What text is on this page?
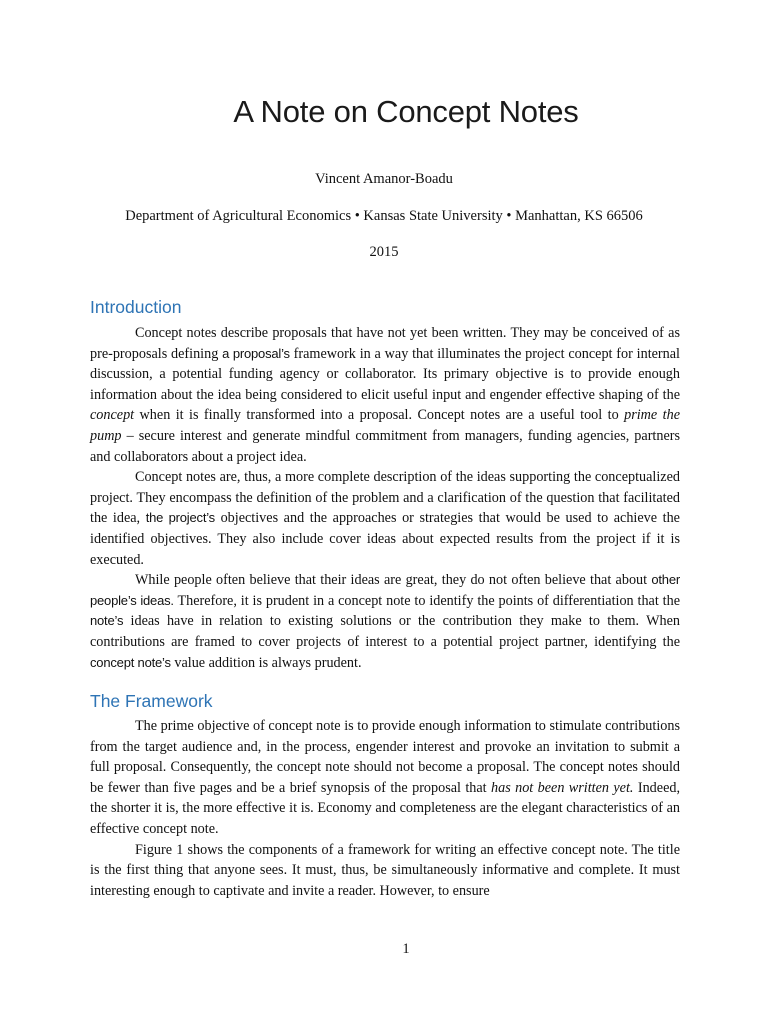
A Note on Concept Notes

Vincent Amanor-Boadu

Department of Agricultural Economics • Kansas State University • Manhattan, KS 66506

2015

Introduction

Concept notes describe proposals that have not yet been written. They may be conceived of as pre-proposals defining a proposal’s framework in a way that illuminates the project concept for internal discussion, a potential funding agency or collaborator. Its primary objective is to provide enough information about the idea being considered to elicit useful input and engender effective shaping of the concept when it is finally transformed into a proposal. Concept notes are a useful tool to prime the pump – secure interest and generate mindful commitment from managers, funding agencies, partners and collaborators about a project idea.

Concept notes are, thus, a more complete description of the ideas supporting the conceptualized project. They encompass the definition of the problem and a clarification of the question that facilitated the idea, the project’s objectives and the approaches or strategies that would be used to achieve the identified objectives. They also include cover ideas about expected results from the project if it is executed.

While people often believe that their ideas are great, they do not often believe that about other people’s ideas. Therefore, it is prudent in a concept note to identify the points of differentiation that the note’s ideas have in relation to existing solutions or the contribution they make to them. When contributions are framed to cover projects of interest to a potential project partner, identifying the concept note’s value addition is always prudent.

The Framework

The prime objective of concept note is to provide enough information to stimulate contributions from the target audience and, in the process, engender interest and provoke an invitation to submit a full proposal. Consequently, the concept note should not become a proposal. The concept notes should be fewer than five pages and be a brief synopsis of the proposal that has not been written yet. Indeed, the shorter it is, the more effective it is. Economy and completeness are the elegant characteristics of an effective concept note.

Figure 1 shows the components of a framework for writing an effective concept note. The title is the first thing that anyone sees. It must, thus, be simultaneously informative and complete. It must interesting enough to captivate and invite a reader. However, to ensure

1
